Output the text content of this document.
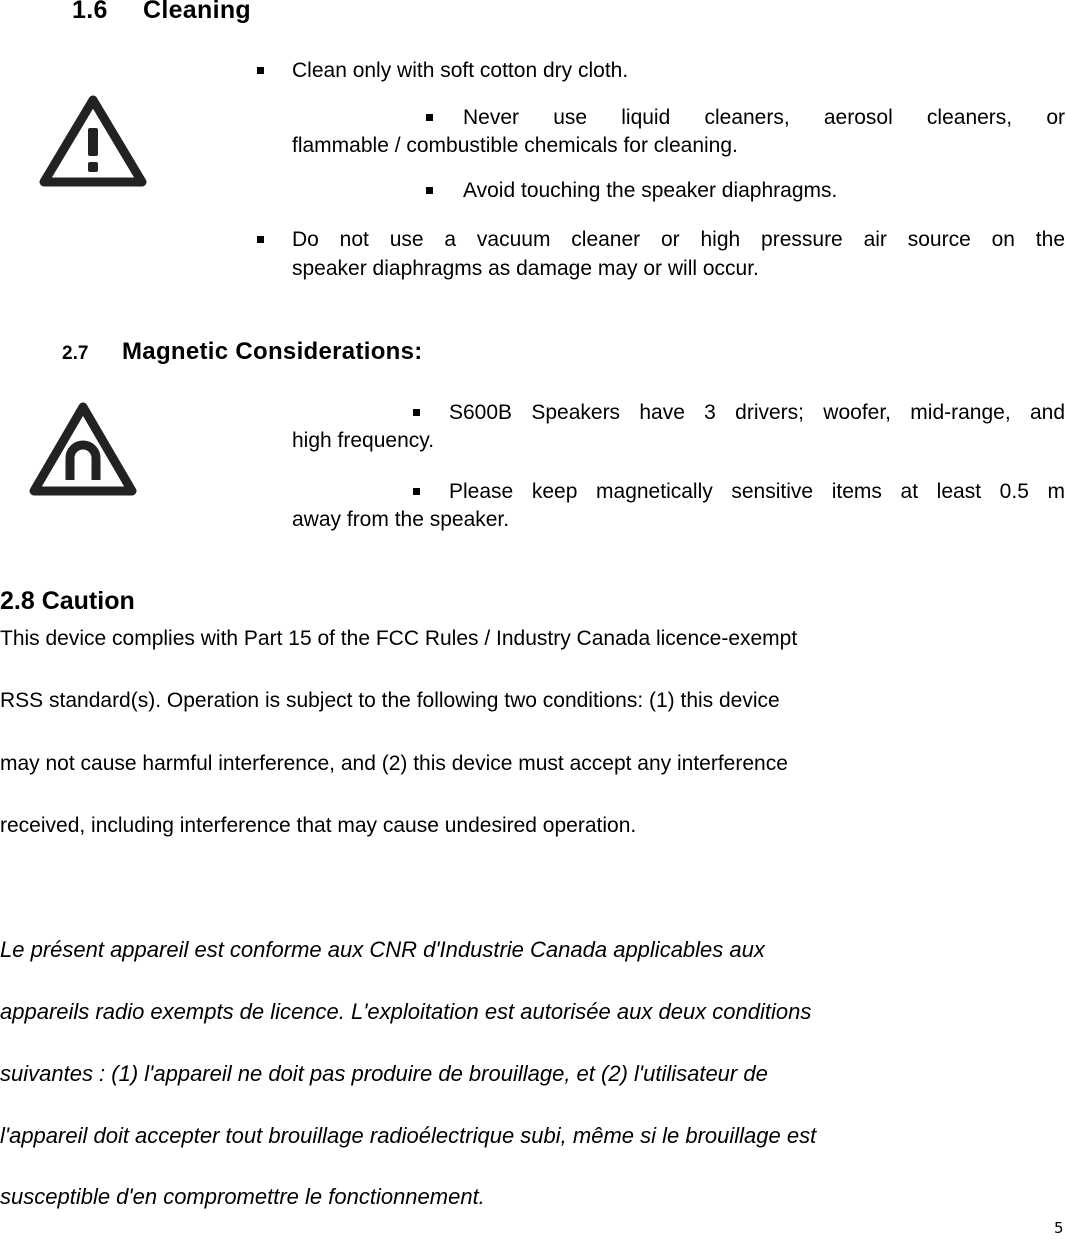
1.6 Cleaning
Clean only with soft cotton dry cloth.
Never use liquid cleaners, aerosol cleaners, or
flammable / combustible chemicals for cleaning.
Avoid touching the speaker diaphragms.
Do not use a vacuum cleaner or high pressure air source on the
speaker diaphragms as damage may or will occur.
2.7 Magnetic Considerations:
S600B Speakers have 3 drivers; woofer, mid-range, and
high frequency.
Please keep magnetically sensitive items at least 0.5 m
away from the speaker.
2.8 Caution
This device complies with Part 15 of the FCC Rules / Industry Canada licence-exempt
RSS standard(s). Operation is subject to the following two conditions: (1) this device
may not cause harmful interference, and (2) this device must accept any interference
received, including interference that may cause undesired operation.
Le présent appareil est conforme aux CNR d'Industrie Canada applicables aux
appareils radio exempts de licence. L'exploitation est autorisée aux deux conditions
suivantes : (1) l'appareil ne doit pas produire de brouillage, et (2) l'utilisateur de
l'appareil doit accepter tout brouillage radioélectrique subi, même si le brouillage est
susceptible d'en compromettre le fonctionnement.
5
